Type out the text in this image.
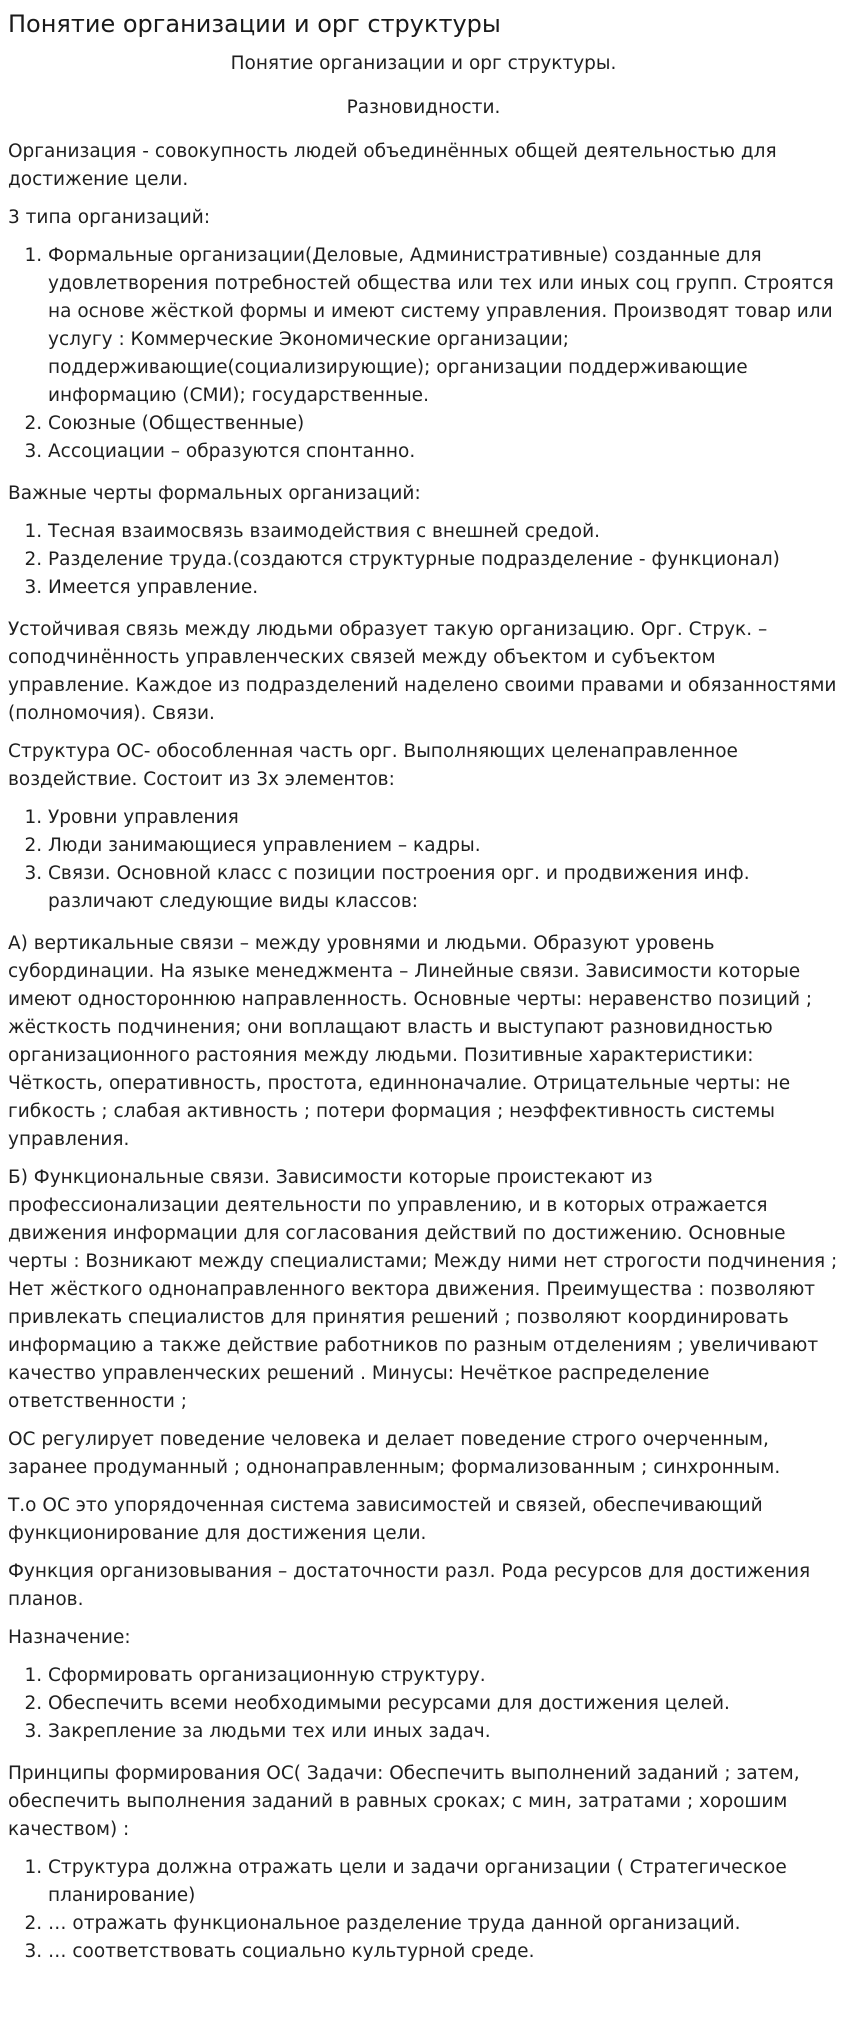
Понятие организации и орг структуры

Понятие организации и орг структуры.

Разновидности.

Организация - совокупность людей объединённых общей деятельностью для достижение цели.

3 типа организаций:

1. Формальные организации(Деловые, Административные) созданные для удовлетворения потребностей общества или тех или иных соц групп. Строятся на основе жёсткой формы и имеют систему управления. Производят товар или услугу : Коммерческие Экономические организации; поддерживающие(социализирующие); организации поддерживающие информацию (СМИ); государственные.
2. Союзные (Общественные)
3. Ассоциации – образуются спонтанно.

Важные черты формальных организаций:

1. Тесная взаимосвязь взаимодействия с внешней средой.
2. Разделение труда.(создаются структурные подразделение - функционал)
3. Имеется управление.

Устойчивая связь между людьми образует такую организацию. Орг. Струк. – соподчинённость управленческих связей между объектом и субъектом управление. Каждое из подразделений наделено своими правами и обязанностями (полномочия). Связи.

Структура ОС- обособленная часть орг. Выполняющих целенаправленное воздействие. Состоит из 3х элементов:

1. Уровни управления
2. Люди занимающиеся управлением – кадры.
3. Связи. Основной класс с позиции построения орг. и продвижения инф. различают следующие виды классов:

А) вертикальные связи – между уровнями и людьми. Образуют уровень субординации. На языке менеджмента – Линейные связи. Зависимости которые имеют одностороннюю направленность. Основные черты: неравенство позиций ; жёсткость подчинения; они воплащают власть и выступают разновидностью организационного растояния между людьми. Позитивные характеристики: Чёткость, оперативность, простота, единноначалие. Отрицательные черты: не гибкость ; слабая активность ; потери формация ; неэффективность системы управления.

Б) Функциональные связи. Зависимости которые проистекают из профессионализации деятельности по управлению, и в которых отражается движения информации для согласования действий по достижению. Основные черты : Возникают между специалистами; Между ними нет строгости подчинения ; Нет жёсткого однонаправленного вектора движения. Преимущества : позволяют привлекать специалистов для принятия решений ; позволяют координировать информацию а также действие работников по разным отделениям ; увеличивают качество управленческих решений . Минусы: Нечёткое распределение ответственности ;

ОС регулирует поведение человека и делает поведение строго очерченным, заранее продуманный ; однонаправленным; формализованным ; синхронным.

Т.о ОС это упорядоченная система зависимостей и связей, обеспечивающий функционирование для достижения цели.

Функция организовывания – достаточности разл. Рода ресурсов для достижения планов.

Назначение:

1. Сформировать организационную структуру.
2. Обеспечить всеми необходимыми ресурсами для достижения целей.
3. Закрепление за людьми тех или иных задач.

Принципы формирования ОС( Задачи: Обеспечить выполнений заданий ; затем, обеспечить выполнения заданий в равных сроках; с мин, затратами ; хорошим качеством) :

1. Структура должна отражать цели и задачи организации ( Стратегическое планирование)
2. … отражать функциональное разделение труда данной организаций.
3. … соответствовать социально культурной среде.
